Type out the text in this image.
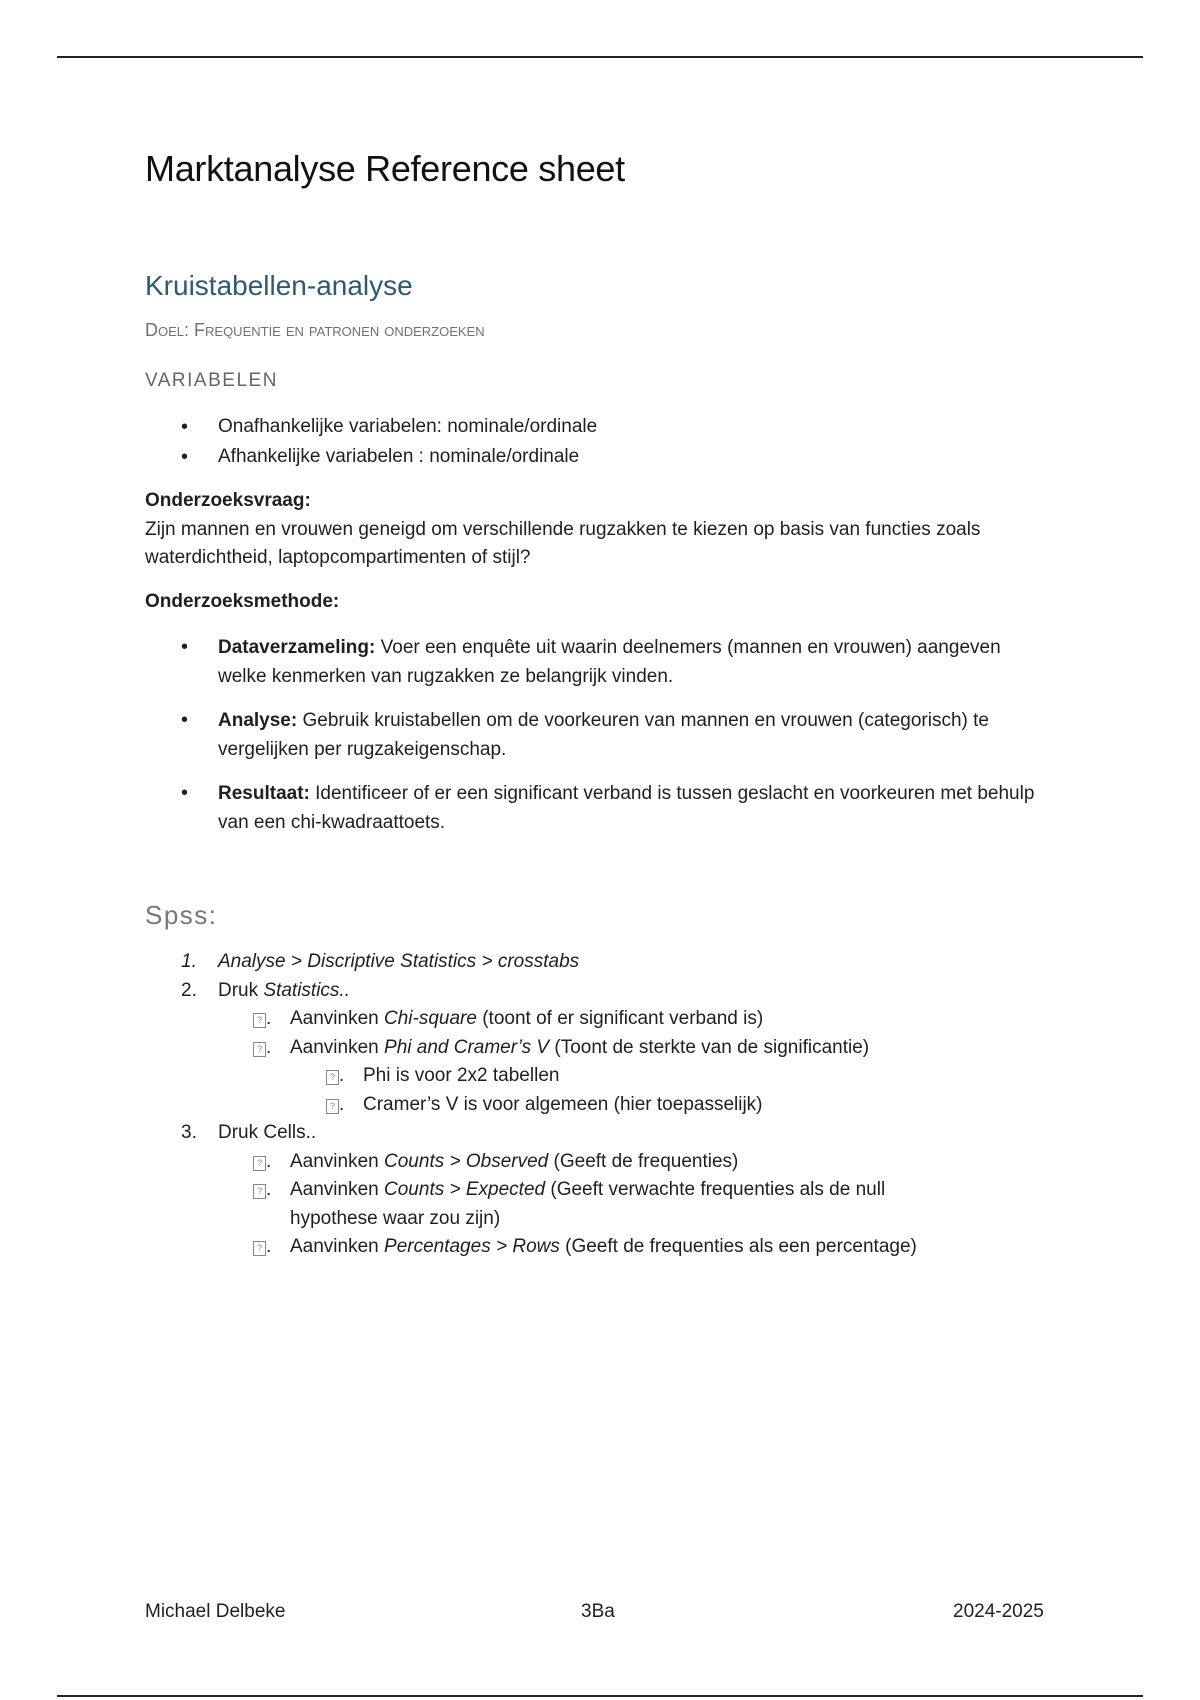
Marktanalyse Reference sheet
Kruistabellen-analyse
Doel: Frequentie en patronen onderzoeken
VARIABELEN
• Onafhankelijke variabelen: nominale/ordinale
• Afhankelijke variabelen : nominale/ordinale
Onderzoeksvraag:
Zijn mannen en vrouwen geneigd om verschillende rugzakken te kiezen op basis van functies zoals waterdichtheid, laptopcompartimenten of stijl?
Onderzoeksmethode:
• Dataverzameling: Voer een enquête uit waarin deelnemers (mannen en vrouwen) aangeven welke kenmerken van rugzakken ze belangrijk vinden.
• Analyse: Gebruik kruistabellen om de voorkeuren van mannen en vrouwen (categorisch) te vergelijken per rugzakeigenschap.
• Resultaat: Identificeer of er een significant verband is tussen geslacht en voorkeuren met behulp van een chi-kwadraattoets.
Spss:
1. Analyse > Discriptive Statistics > crosstabs
2. Druk Statistics..
? . Aanvinken Chi-square (toont of er significant verband is)
? . Aanvinken Phi and Cramer’s V (Toont de sterkte van de significantie)
? . Phi is voor 2x2 tabellen
? . Cramer’s V is voor algemeen (hier toepasselijk)
3. Druk Cells..
? . Aanvinken Counts > Observed (Geeft de frequenties)
? . Aanvinken Counts > Expected (Geeft verwachte frequenties als de null
hypothese waar zou zijn)
? . Aanvinken Percentages > Rows (Geeft de frequenties als een percentage)
Michael Delbeke	3Ba	2024-2025
